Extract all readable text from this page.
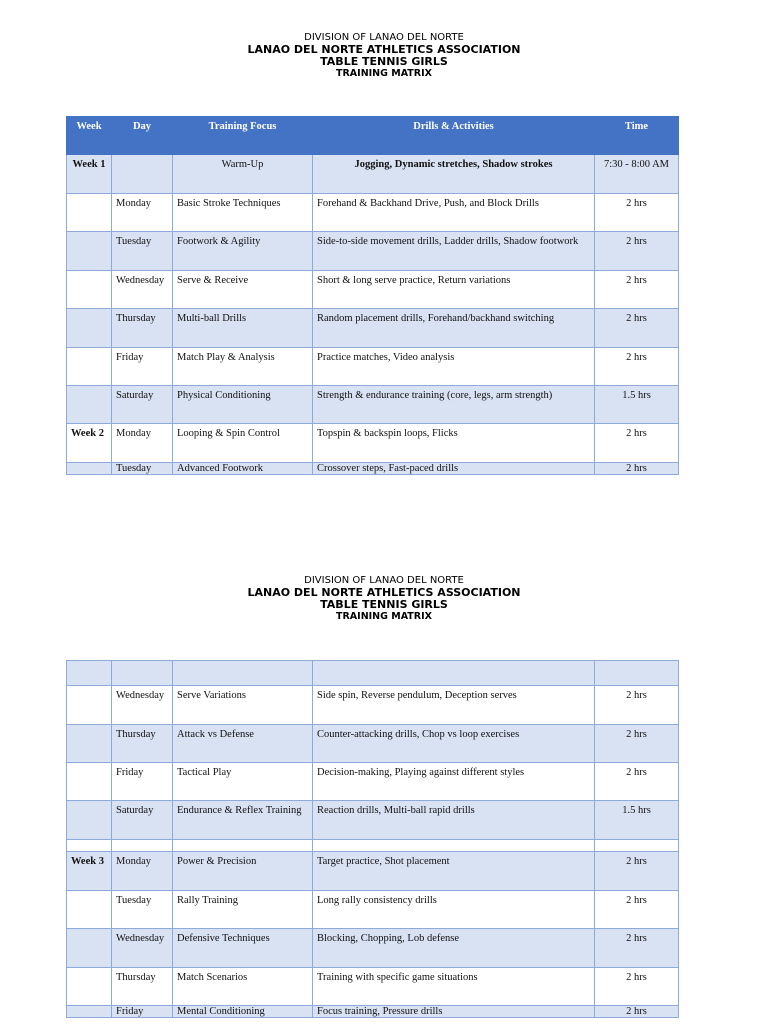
DIVISION OF LANAO DEL NORTE
LANAO DEL NORTE ATHLETICS ASSOCIATION
TABLE TENNIS GIRLS
TRAINING MATRIX
Week	Day	Training Focus	Drills & Activities	Time
Week 1		Warm-Up	Jogging, Dynamic stretches, Shadow strokes	7:30 - 8:00 AM
	Monday	Basic Stroke Techniques	Forehand & Backhand Drive, Push, and Block Drills	2 hrs
	Tuesday	Footwork & Agility	Side-to-side movement drills, Ladder drills, Shadow footwork	2 hrs
	Wednesday	Serve & Receive	Short & long serve practice, Return variations	2 hrs
	Thursday	Multi-ball Drills	Random placement drills, Forehand/backhand switching	2 hrs
	Friday	Match Play & Analysis	Practice matches, Video analysis	2 hrs
	Saturday	Physical Conditioning	Strength & endurance training (core, legs, arm strength)	1.5 hrs
Week 2	Monday	Looping & Spin Control	Topspin & backspin loops, Flicks	2 hrs
	Tuesday	Advanced Footwork	Crossover steps, Fast-paced drills	2 hrs
DIVISION OF LANAO DEL NORTE
LANAO DEL NORTE ATHLETICS ASSOCIATION
TABLE TENNIS GIRLS
TRAINING MATRIX

	Wednesday	Serve Variations	Side spin, Reverse pendulum, Deception serves	2 hrs
	Thursday	Attack vs Defense	Counter-attacking drills, Chop vs loop exercises	2 hrs
	Friday	Tactical Play	Decision-making, Playing against different styles	2 hrs
	Saturday	Endurance & Reflex Training	Reaction drills, Multi-ball rapid drills	1.5 hrs

Week 3	Monday	Power & Precision	Target practice, Shot placement	2 hrs
	Tuesday	Rally Training	Long rally consistency drills	2 hrs
	Wednesday	Defensive Techniques	Blocking, Chopping, Lob defense	2 hrs
	Thursday	Match Scenarios	Training with specific game situations	2 hrs
	Friday	Mental Conditioning	Focus training, Pressure drills	2 hrs
